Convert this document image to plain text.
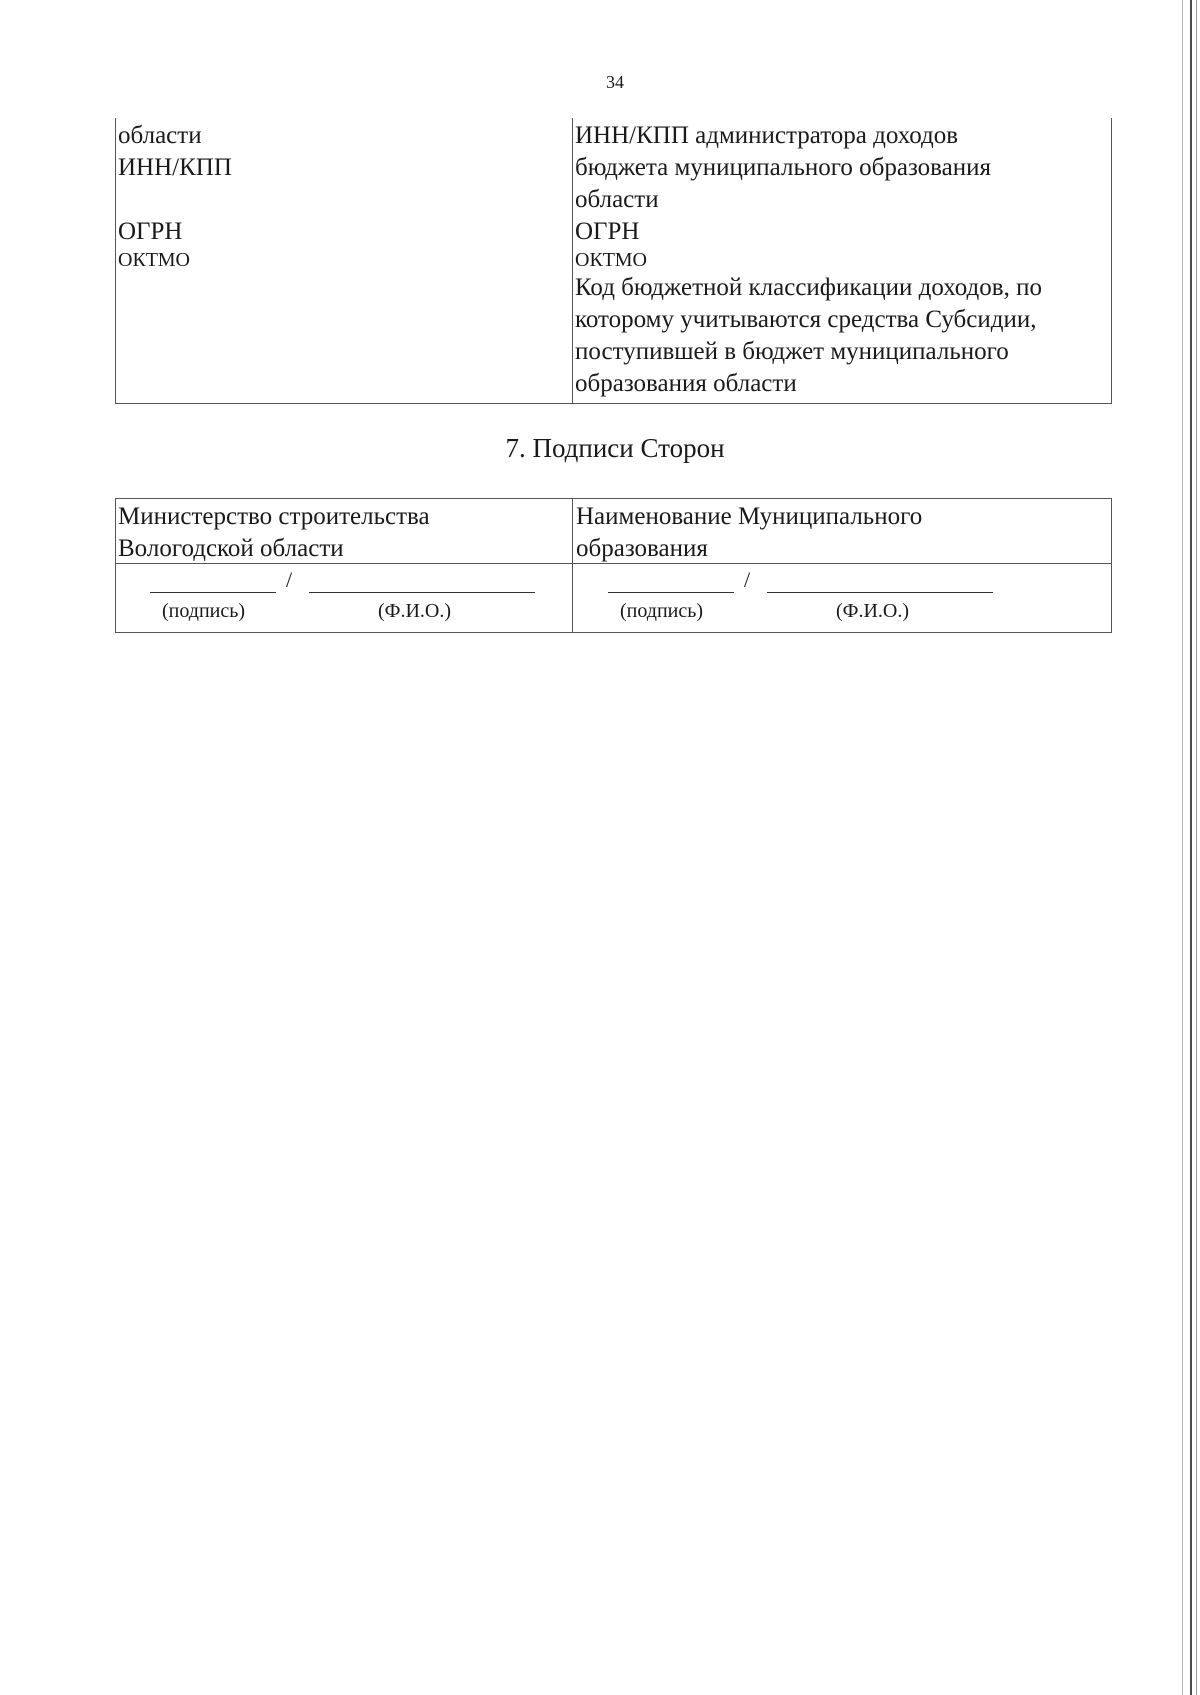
34
области
ИНН/КПП
ОГРН
ОКТМО
ИНН/КПП администратора доходов
бюджета муниципального образования
области
ОГРН
ОКТМО
Код бюджетной классификации доходов, по
которому учитываются средства Субсидии,
поступившей в бюджет муниципального
образования области
7. Подписи Сторон
Министерство строительства
Вологодской области
Наименование Муниципального
образования
/
(подпись)	(Ф.И.О.)
/
(подпись)	(Ф.И.О.)
